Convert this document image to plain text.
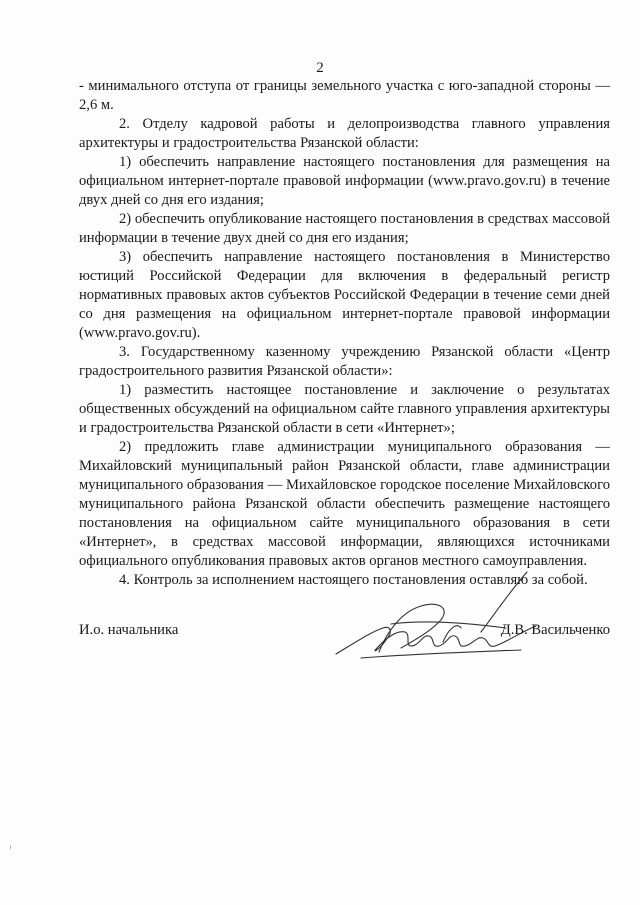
2

- минимального отступа от границы земельного участка с юго-западной стороны — 2,6 м.

2. Отделу кадровой работы и делопроизводства главного управления архитектуры и градостроительства Рязанской области:

1) обеспечить направление настоящего постановления для размещения на официальном интернет-портале правовой информации (www.pravo.gov.ru) в течение двух дней со дня его издания;

2) обеспечить опубликование настоящего постановления в средствах массовой информации в течение двух дней со дня его издания;

3) обеспечить направление настоящего постановления в Министерство юстиций Российской Федерации для включения в федеральный регистр нормативных правовых актов субъектов Российской Федерации в течение семи дней со дня размещения на официальном интернет-портале правовой информации (www.pravo.gov.ru).

3. Государственному казенному учреждению Рязанской области «Центр градостроительного развития Рязанской области»:

1) разместить настоящее постановление и заключение о результатах общественных обсуждений на официальном сайте главного управления архитектуры и градостроительства Рязанской области в сети «Интернет»;

2) предложить главе администрации муниципального образования — Михайловский муниципальный район Рязанской области, главе администрации муниципального образования — Михайловское городское поселение Михайловского муниципального района Рязанской области обеспечить размещение настоящего постановления на официальном сайте муниципального образования в сети «Интернет», в средствах массовой информации, являющихся источниками официального опубликования правовых актов органов местного самоуправления.

4. Контроль за исполнением настоящего постановления оставляю за собой.

И.о. начальника	Д.В. Васильченко
